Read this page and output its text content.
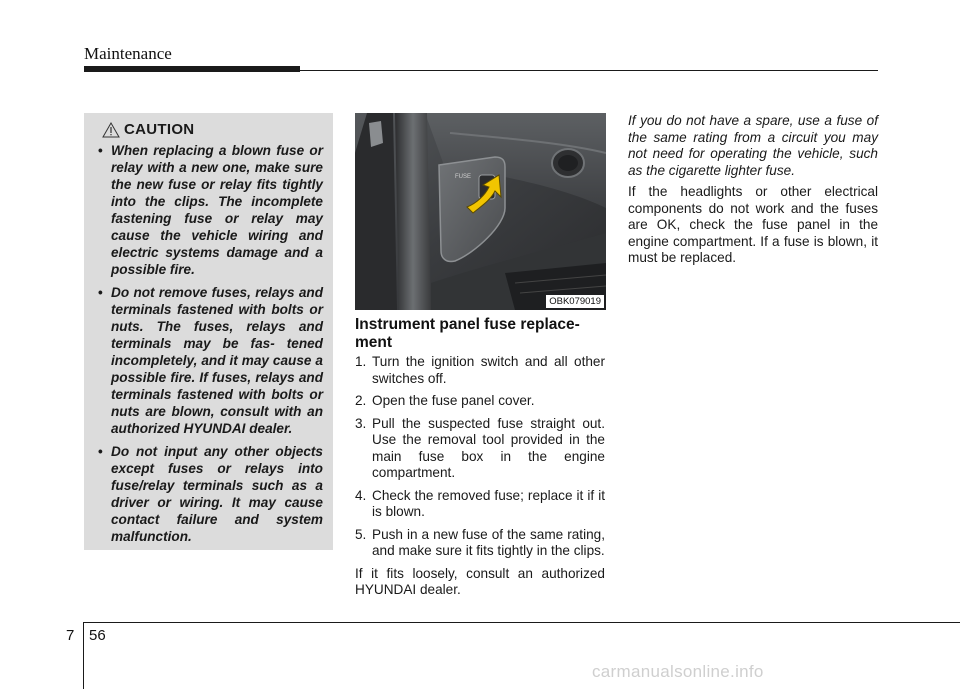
Maintenance
CAUTION
• When replacing a blown fuse or relay with a new one, make sure the new fuse or relay fits tightly into the clips. The incomplete fastening fuse or relay may cause the vehicle wiring and electric systems damage and a possible fire.
• Do not remove fuses, relays and terminals fastened with bolts or nuts. The fuses, relays and terminals may be fas- tened incompletely, and it may cause a possible fire. If fuses, relays and terminals fastened with bolts or nuts are blown, consult with an authorized HYUNDAI dealer.
• Do not input any other objects except fuses or relays into fuse/relay terminals such as a driver or wiring. It may cause contact failure and system malfunction.
FUSE
OBK079019
Instrument panel fuse replace- ment
1. Turn the ignition switch and all other switches off.
2. Open the fuse panel cover.
3. Pull the suspected fuse straight out. Use the removal tool provided in the main fuse box in the engine compartment.
4. Check the removed fuse; replace it if it is blown.
5. Push in a new fuse of the same rating, and make sure it fits tightly in the clips.

If it fits loosely, consult an authorized HYUNDAI dealer.

If you do not have a spare, use a fuse of the same rating from a circuit you may not need for operating the vehicle, such as the cigarette lighter fuse.

If the headlights or other electrical components do not work and the fuses are OK, check the fuse panel in the engine compartment. If a fuse is blown, it must be replaced.

7 56
carmanualsonline.info
